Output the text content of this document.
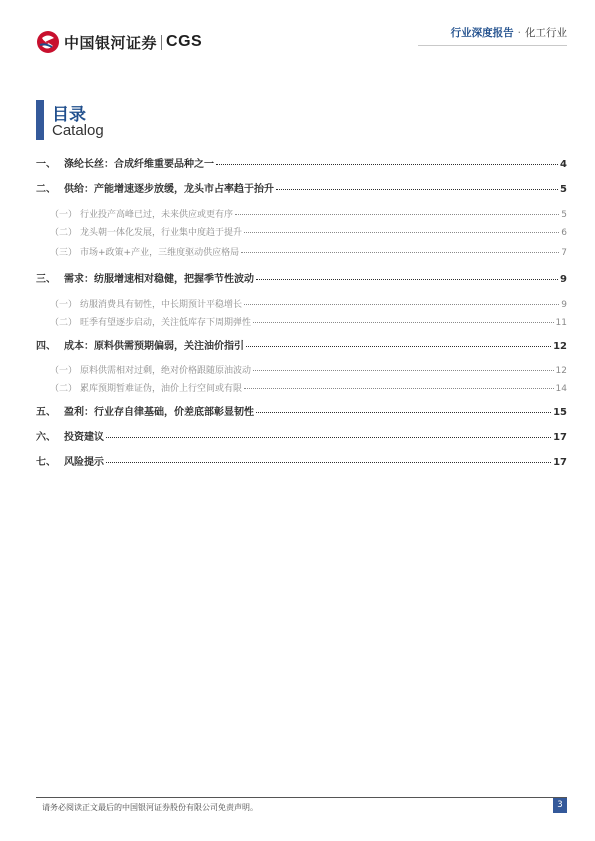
中国银河证券 CGS	行业深度报告 · 化工行业
目录
Catalog
一、 涤纶长丝：合成纤维重要品种之一	4
二、 供给：产能增速逐步放缓，龙头市占率趋于抬升	5
（一） 行业投产高峰已过，未来供应或更有序	5
（二） 龙头朝一体化发展，行业集中度趋于提升	6
（三） 市场+政策+产业，三维度驱动供应格局	7
三、 需求：纺服增速相对稳健，把握季节性波动	9
（一） 纺服消费具有韧性，中长期预计平稳增长	9
（二） 旺季有望逐步启动，关注低库存下周期弹性	11
四、 成本：原料供需预期偏弱，关注油价指引	12
（一） 原料供需相对过剩，绝对价格跟随原油波动	12
（二） 累库预期暂难证伪，油价上行空间或有限	14
五、 盈利：行业存自律基础，价差底部彰显韧性	15
六、 投资建议	17
七、 风险提示	17
请务必阅读正文最后的中国银河证券股份有限公司免责声明。	3
